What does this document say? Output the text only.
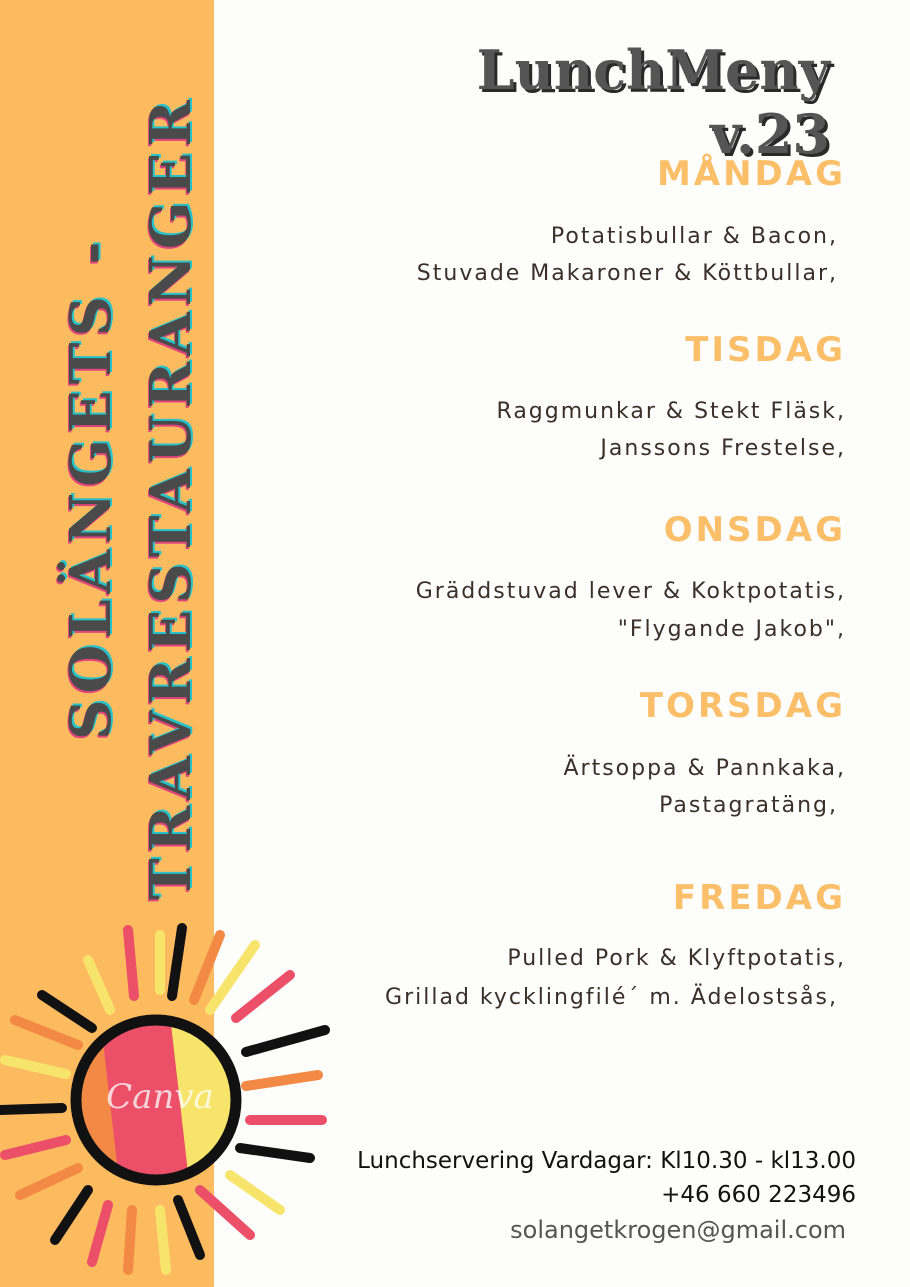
SOLÄNGETS - TRAVRESTAURANGER
Canva
LunchMeny v.23
MÅNDAG
Potatisbullar & Bacon,
Stuvade Makaroner & Köttbullar,
TISDAG
Raggmunkar & Stekt Fläsk,
Janssons Frestelse,
ONSDAG
Gräddstuvad lever & Koktpotatis,
"Flygande Jakob",
TORSDAG
Ärtsoppa & Pannkaka,
Pastagratäng,
FREDAG
Pulled Pork & Klyftpotatis,
Grillad kycklingfilé´ m. Ädelostsås,
Lunchservering Vardagar: Kl10.30 - kl13.00
+46 660 223496
solangetkrogen@gmail.com
